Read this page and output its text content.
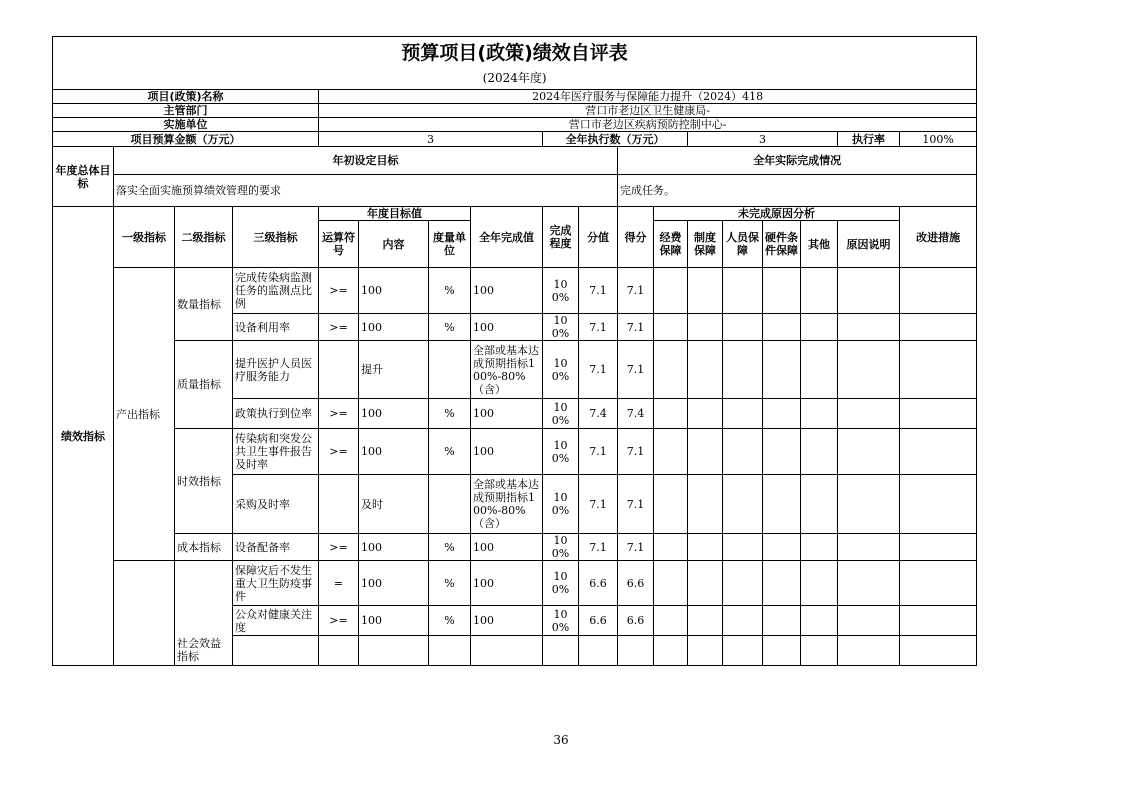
预算项目(政策)绩效自评表																		
(2024年度)																		
项目(政策)名称				2024年医疗服务与保障能力提升（2024）418														
主管部门				营口市老边区卫生健康局-														
实施单位				营口市老边区疾病预防控制中心-														
项目预算金额（万元）				3				全年执行数（万元）				3				执行率	100%	
年度总体目标	年初设定目标									全年实际完成情况								
	落实全面实施预算绩效管理的要求									完成任务。								
绩效指标	一级指标	二级指标	三级指标	年度目标值			全年完成值	完成程度	分值	得分	未完成原因分析						改进措施	
				运算符号	内容	度量单位					经费保障	制度保障	人员保障	硬件条件保障	其他	原因说明		
	产出指标	数量指标	完成传染病监测任务的监测点比例	>=	100	%	100	100%	7.1	7.1								
			设备利用率	>=	100	%	100	100%	7.1	7.1								
		质量指标	提升医护人员医疗服务能力		提升		全部或基本达成预期指标100%-80%（含）	100%	7.1	7.1								
			政策执行到位率	>=	100	%	100	100%	7.4	7.4								
		时效指标	传染病和突发公共卫生事件报告及时率	>=	100	%	100	100%	7.1	7.1								
			采购及时率		及时		全部或基本达成预期指标100%-80%（含）	100%	7.1	7.1								
		成本指标	设备配备率	>=	100	%	100	100%	7.1	7.1								
		社会效益指标	保障灾后不发生重大卫生防疫事件	=	100	%	100	100%	6.6	6.6								
			公众对健康关注度	>=	100	%	100	100%	6.6	6.6								

36
